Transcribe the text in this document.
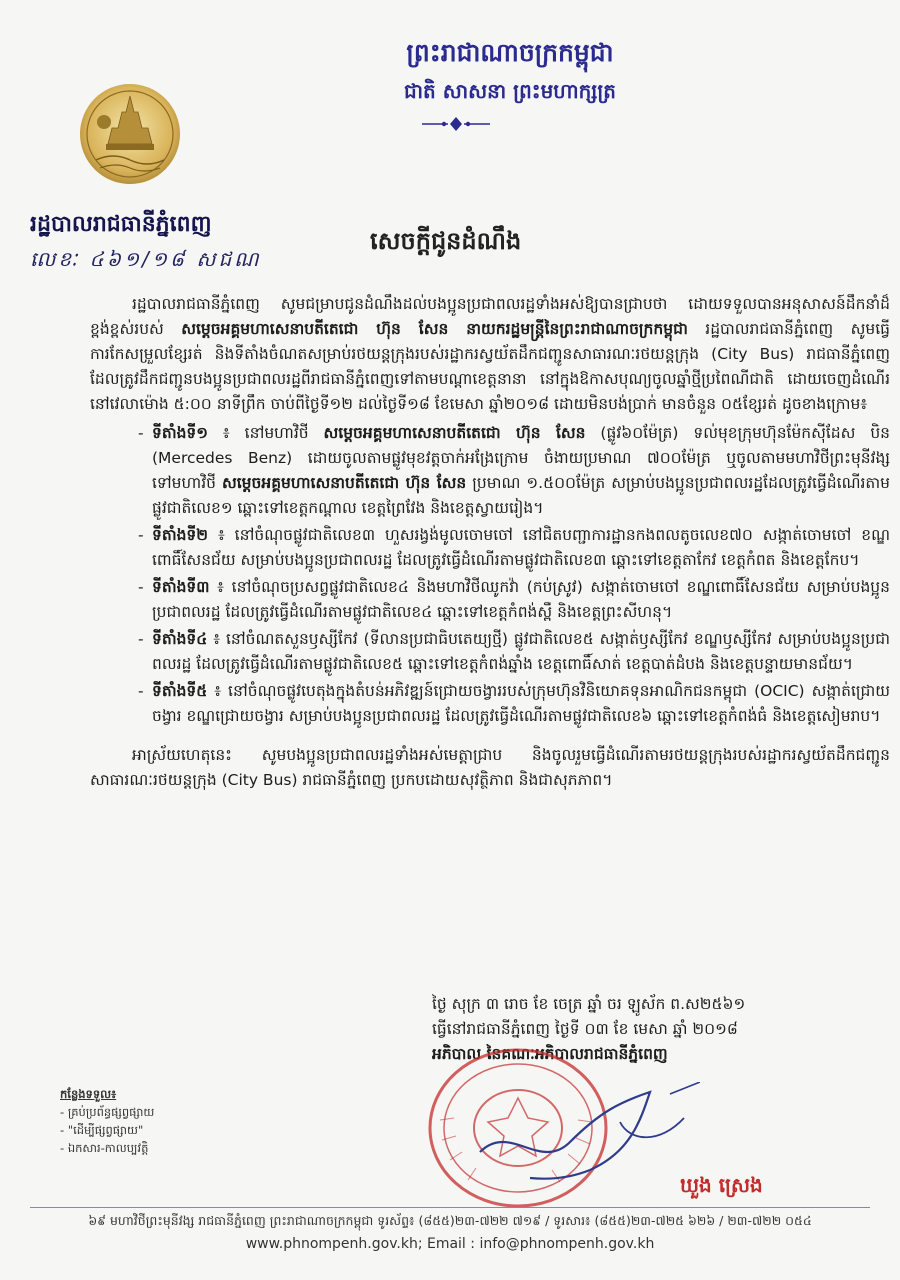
ព្រះរាជាណាចក្រកម្ពុជា
ជាតិ សាសនា ព្រះមហាក្សត្រ
រដ្ឋបាលរាជធានីភ្នំពេញ
លេខៈ ៤៦១/១៨ សជណ
សេចក្តីជូនដំណឹង

រដ្ឋបាលរាជធានីភ្នំពេញ សូមជម្រាបជូនដំណឹងដល់បងប្អូនប្រជាពលរដ្ឋទាំងអស់ឱ្យបានជ្រាបថា ដោយទទួលបានអនុសាសន៍ដឹកនាំដ៏ខ្ពង់ខ្ពស់របស់ សម្តេចអគ្គមហាសេនាបតីតេជោ ហ៊ុន សែន នាយករដ្ឋមន្ត្រីនៃព្រះរាជាណាចក្រកម្ពុជា រដ្ឋបាលរាជធានីភ្នំពេញ សូមធ្វើការកែសម្រួលខ្សែរត់ និងទីតាំងចំណតសម្រាប់រថយន្តក្រុងរបស់រដ្ឋាករស្វយ័តដឹកជញ្ជូនសាធារណៈរថយន្តក្រុង (City Bus) រាជធានីភ្នំពេញ ដែលត្រូវដឹកជញ្ជូនបងប្អូនប្រជាពលរដ្ឋពីរាជធានីភ្នំពេញទៅតាមបណ្តាខេត្តនានា នៅក្នុងឱកាសបុណ្យចូលឆ្នាំថ្មីប្រពៃណីជាតិ ដោយចេញដំណើរ នៅវេលាម៉ោង ៥:០០ នាទីព្រឹក ចាប់ពីថ្ងៃទី១២ ដល់ថ្ងៃទី១៨ ខែមេសា ឆ្នាំ២០១៨ ដោយមិនបង់ប្រាក់ មានចំនួន ០៥ខ្សែរត់ ដូចខាងក្រោម៖

- ទីតាំងទី១ ៖ នៅមហាវិថី សម្តេចអគ្គមហាសេនាបតីតេជោ ហ៊ុន សែន (ផ្លូវ៦០ម៉ែត្រ) ទល់មុខក្រុមហ៊ុនម៉ែកស៊ីដែស បិន (Mercedes Benz) ដោយចូលតាមផ្លូវមុខវត្តចាក់អង្រែក្រោម ចំងាយប្រមាណ ៧០០ម៉ែត្រ ឬចូលតាមមហាវិថីព្រះមុនីវង្ស ទៅមហាវិថី សម្តេចអគ្គមហាសេនាបតីតេជោ ហ៊ុន សែន ប្រមាណ ១.៥០០ម៉ែត្រ សម្រាប់បងប្អូនប្រជាពលរដ្ឋដែលត្រូវធ្វើដំណើរតាមផ្លូវជាតិលេខ១ ឆ្ពោះទៅខេត្តកណ្តាល ខេត្តព្រៃវែង និងខេត្តស្វាយរៀង។
- ទីតាំងទី២ ៖ នៅចំណុចផ្លូវជាតិលេខ៣ ហួសរង្វង់មូលចោមចៅ នៅជិតបញ្ជាការដ្ឋានកងពលតូចលេខ៧០ សង្កាត់ចោមចៅ ខណ្ឌពោធិ៍សែនជ័យ សម្រាប់បងប្អូនប្រជាពលរដ្ឋ ដែលត្រូវធ្វើដំណើរតាមផ្លូវជាតិលេខ៣ ឆ្ពោះទៅខេត្តតាកែវ ខេត្តកំពត និងខេត្តកែប។
- ទីតាំងទី៣ ៖ នៅចំណុចប្រសព្វផ្លូវជាតិលេខ៤ និងមហាវិថីឈូកវ៉ា (កប់ស្រូវ) សង្កាត់ចោមចៅ ខណ្ឌពោធិ៍សែនជ័យ សម្រាប់បងប្អូនប្រជាពលរដ្ឋ ដែលត្រូវធ្វើដំណើរតាមផ្លូវជាតិលេខ៤ ឆ្ពោះទៅខេត្តកំពង់ស្ពឺ និងខេត្តព្រះសីហនុ។
- ទីតាំងទី៤ ៖ នៅចំណតសួនឫស្សីកែវ (ទីលានប្រជាធិបតេយ្យថ្មី) ផ្លូវជាតិលេខ៥ សង្កាត់ឫស្សីកែវ ខណ្ឌឫស្សីកែវ សម្រាប់បងប្អូនប្រជាពលរដ្ឋ ដែលត្រូវធ្វើដំណើរតាមផ្លូវជាតិលេខ៥ ឆ្ពោះទៅខេត្តកំពង់ឆ្នាំង ខេត្តពោធិ៍សាត់ ខេត្តបាត់ដំបង និងខេត្តបន្ទាយមានជ័យ។
- ទីតាំងទី៥ ៖ នៅចំណុចផ្លូវបេតុងក្នុងតំបន់អភិវឌ្ឍន៍ជ្រោយចង្វាររបស់ក្រុមហ៊ុនវិនិយោគទុនអាណិកជនកម្ពុជា (OCIC) សង្កាត់ជ្រោយចង្វារ ខណ្ឌជ្រោយចង្វារ សម្រាប់បងប្អូនប្រជាពលរដ្ឋ ដែលត្រូវធ្វើដំណើរតាមផ្លូវជាតិលេខ៦ ឆ្ពោះទៅខេត្តកំពង់ធំ និងខេត្តសៀមរាប។

អាស្រ័យហេតុនេះ សូមបងប្អូនប្រជាពលរដ្ឋទាំងអស់មេត្តាជ្រាប និងចូលរួមធ្វើដំណើរតាមរថយន្តក្រុងរបស់រដ្ឋាករស្វយ័តដឹកជញ្ជូនសាធារណៈរថយន្តក្រុង (City Bus) រាជធានីភ្នំពេញ ប្រកបដោយសុវត្ថិភាព និងជាសុភភាព។

ថ្ងៃ សុក្រ ៣ រោច ខែ ចេត្រ ឆ្នាំ ចរ ឡូស័ក ព.ស២៥៦១
ធ្វើនៅរាជធានីភ្នំពេញ ថ្ងៃទី ០៣ ខែ មេសា ឆ្នាំ ២០១៨
អភិបាល នៃគណៈអភិបាលរាជធានីភ្នំពេញ
ឃួង ស្រេង
កន្លែងទទួល៖
- គ្រប់ប្រព័ន្ធផ្សព្វផ្សាយ
- "ដើម្បីផ្សព្វផ្សាយ"
- ឯកសារ-កាលប្បវត្តិ
៦៩ មហាវិថីព្រះមុនីវង្ស រាជធានីភ្នំពេញ ព្រះរាជាណាចក្រកម្ពុជា ទូរស័ព្ទ៖ (៨៥៥)២៣-៧២២ ៧១៩ / ទូរសារ៖ (៨៥៥)២៣-៧២៥ ៦២៦ / ២៣-៧២២ ០៥៤
www.phnompenh.gov.kh; Email : info@phnompenh.gov.kh
